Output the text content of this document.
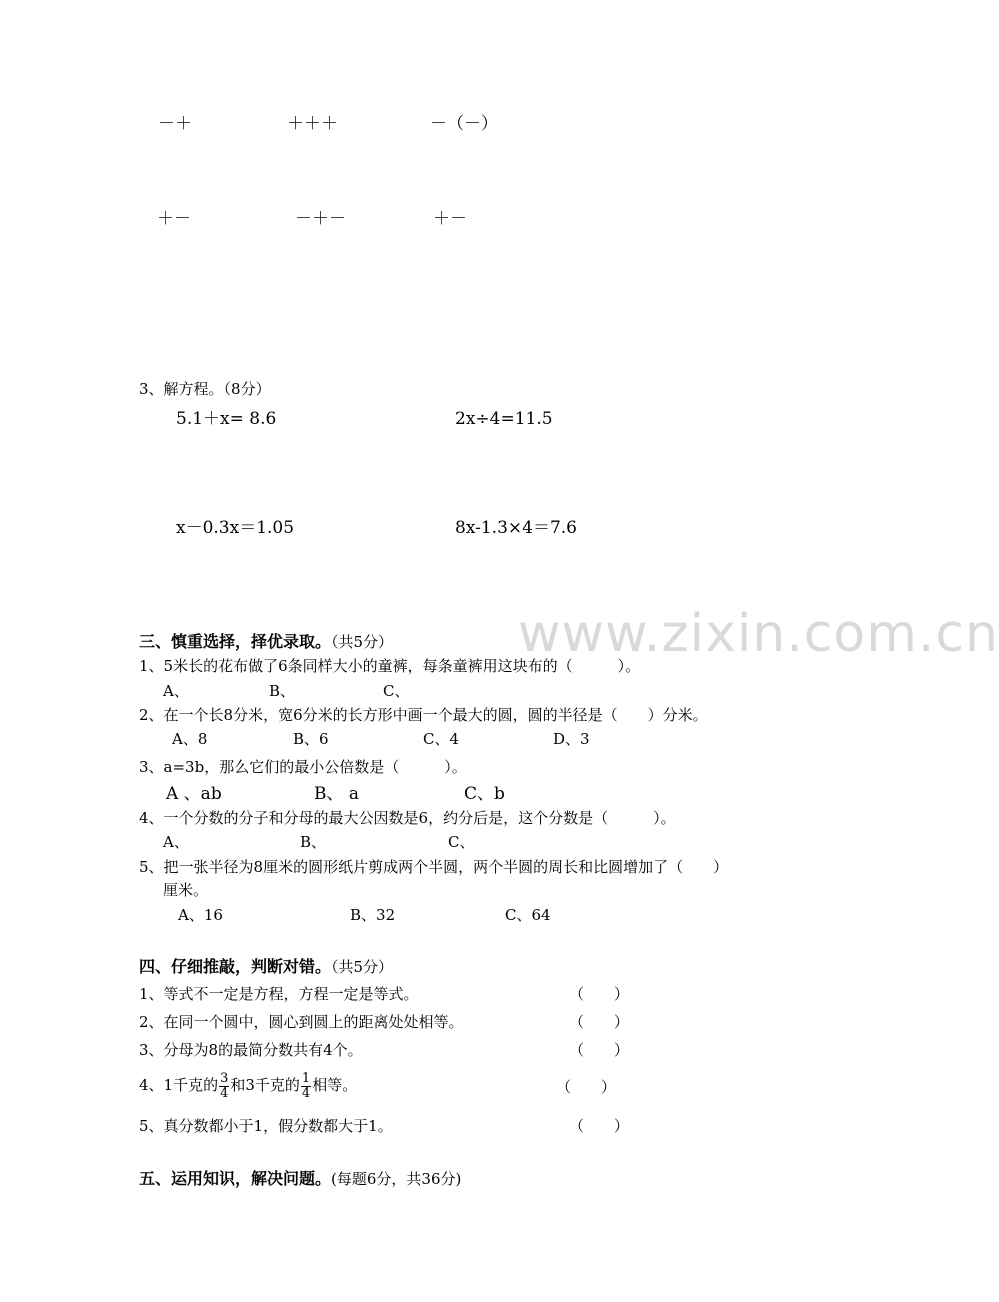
www.zixin.com.cn
－＋	＋＋＋	－（－）
＋－	－＋－	＋－
3、解方程。（8分）
5.1＋x= 8.6	2x÷4=11.5
x－0.3x＝1.05	8x-1.3×4＝7.6
三、慎重选择，择优录取。（共5分）
1、5米长的花布做了6条同样大小的童裤，每条童裤用这块布的（　　　）。
A、	B、	C、
2、在一个长8分米，宽6分米的长方形中画一个最大的圆，圆的半径是（　　）分米。
A、8	B、6	C、4	D、3
3、a=3b，那么它们的最小公倍数是（　　　）。
A 、ab	B、 a	C、b
4、一个分数的分子和分母的最大公因数是6，约分后是，这个分数是（　　　）。
A、	B、	C、
5、把一张半径为8厘米的圆形纸片剪成两个半圆，两个半圆的周长和比圆增加了（　　）
厘米。
A、16	B、32	C、64
四、仔细推敲，判断对错。（共5分）
1、等式不一定是方程，方程一定是等式。	（　　）
2、在同一个圆中，圆心到圆上的距离处处相等。	（　　）
3、分母为8的最简分数共有4个。	（　　）
4、1千克的 $\frac{3}{4}$ 和3千克的 $\frac{1}{4}$ 相等。	（　　）
5、真分数都小于1，假分数都大于1。	（　　）
五、运用知识，解决问题。(每题6分，共36分)
